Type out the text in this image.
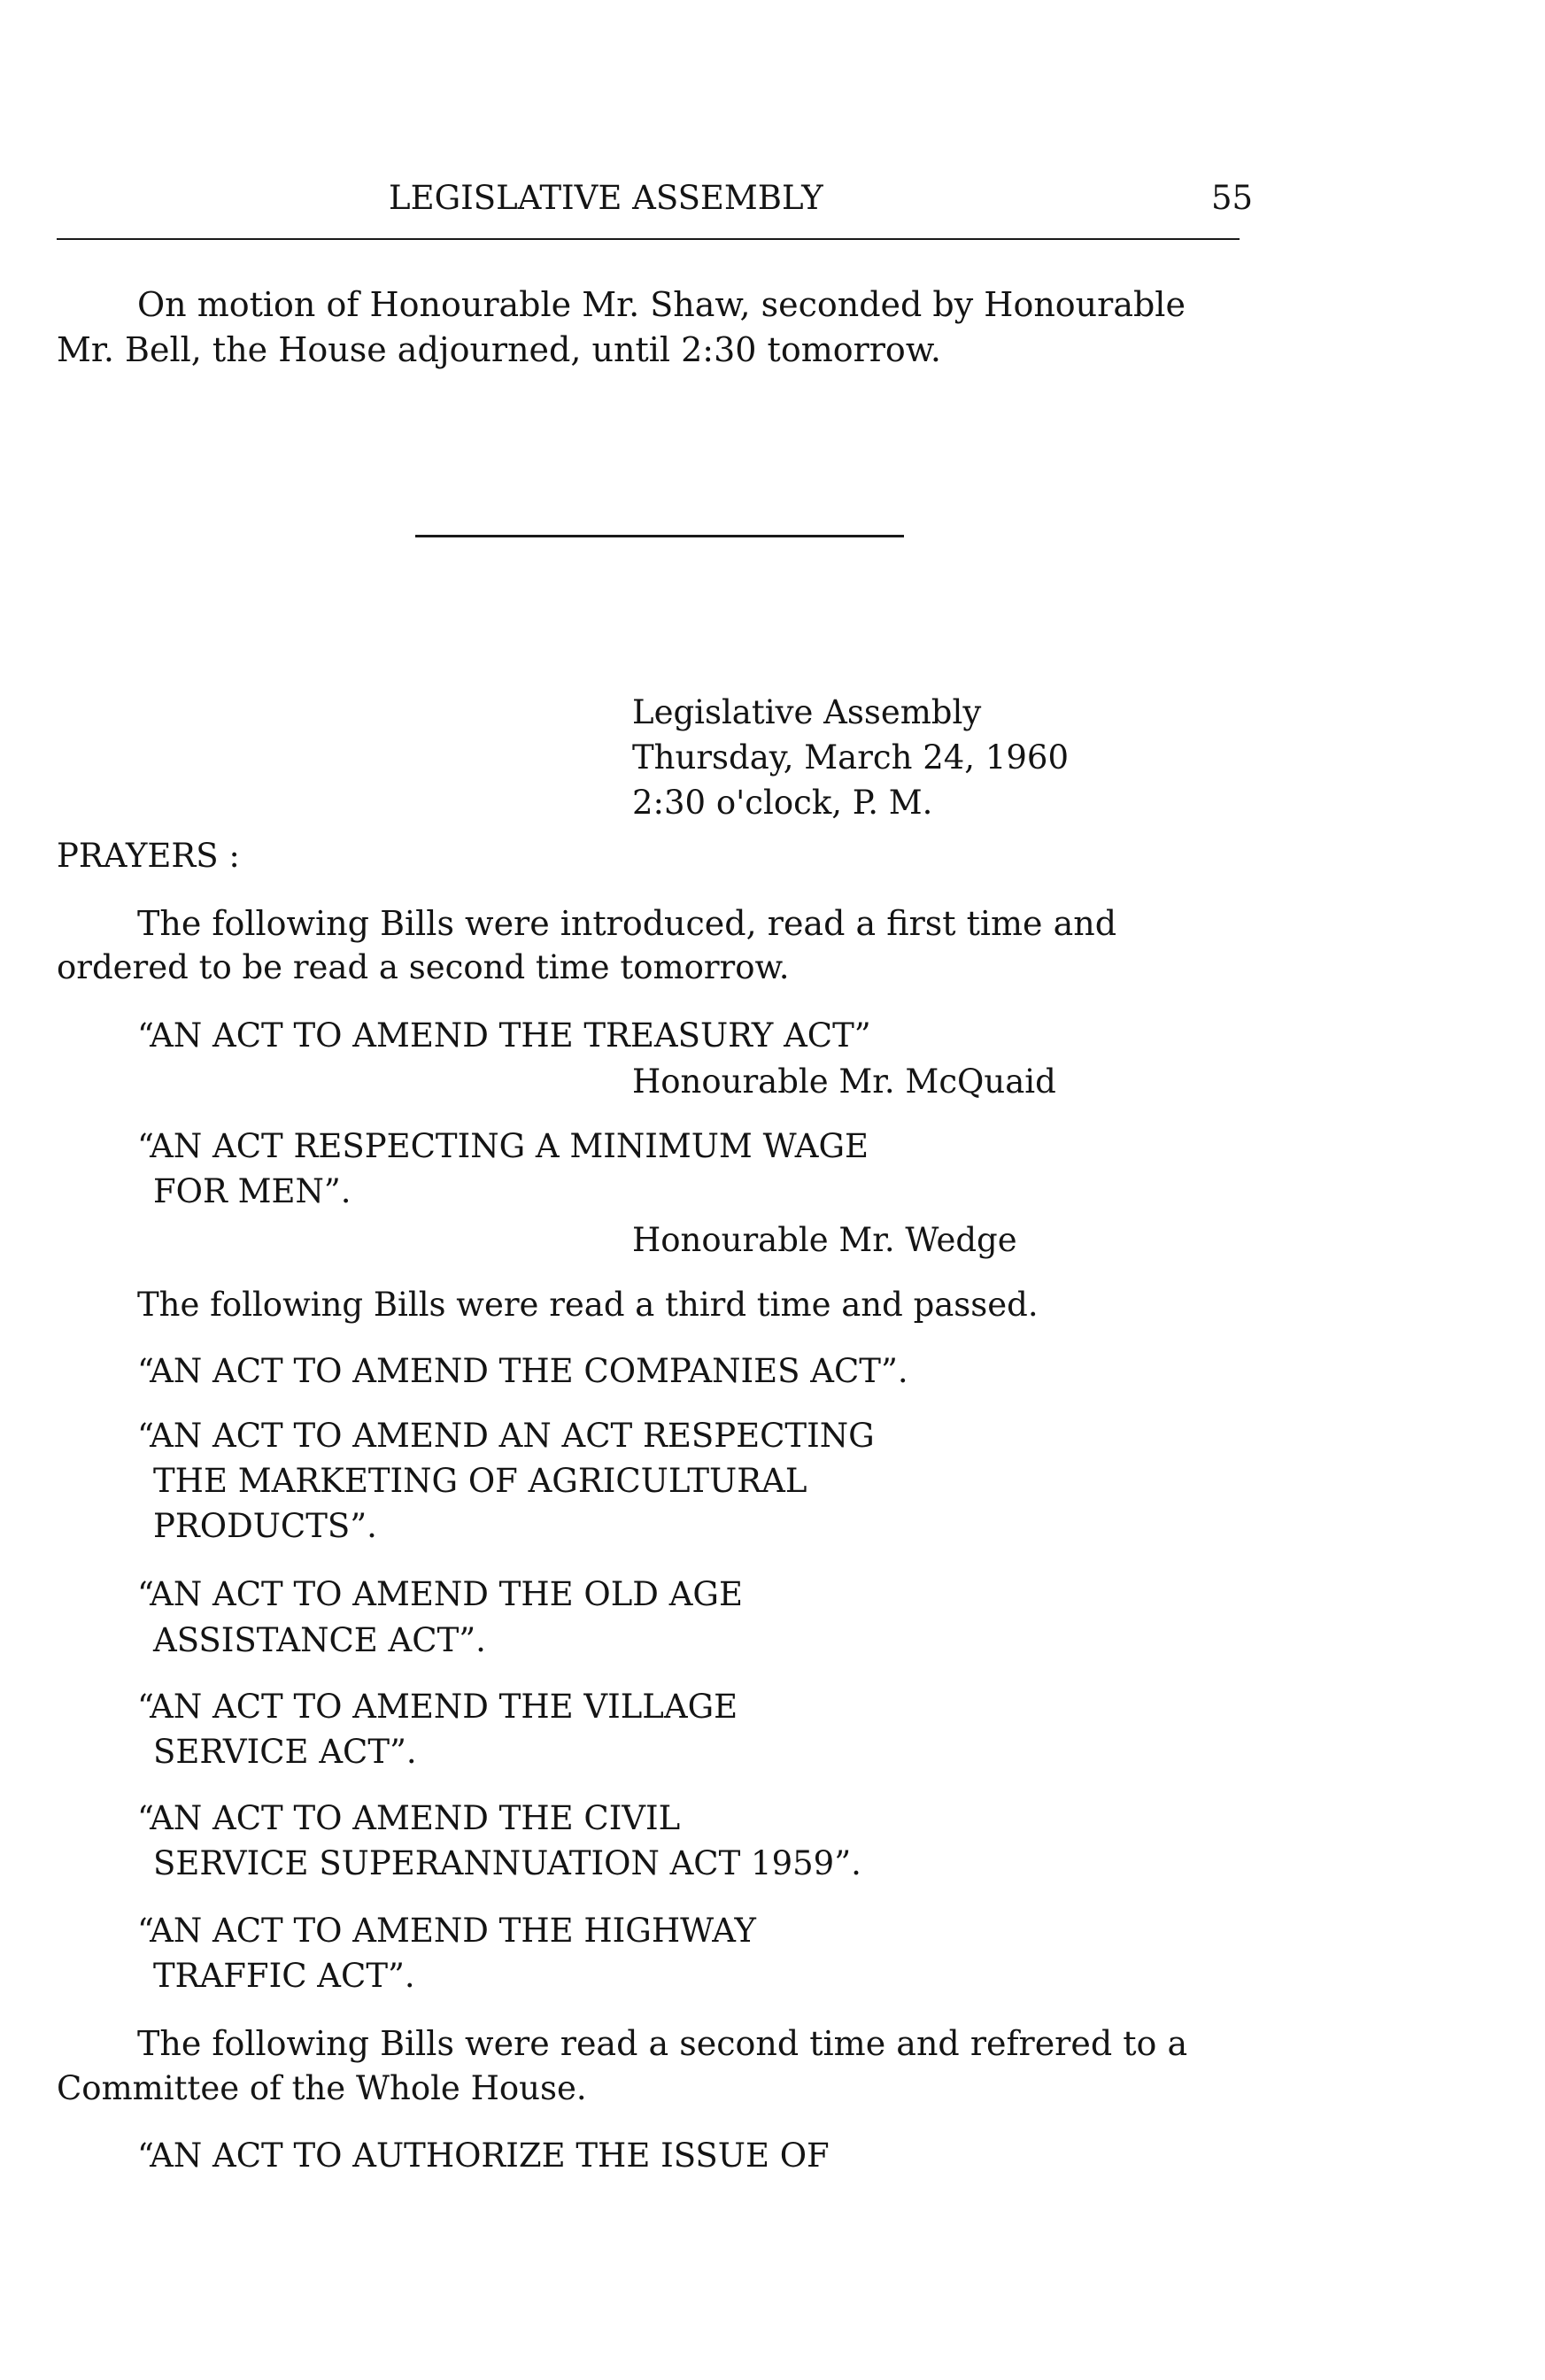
LEGISLATIVE ASSEMBLY	55
On motion of Honourable Mr. Shaw, seconded by Honourable
Mr. Bell, the House adjourned, until 2:30 tomorrow.
Legislative Assembly
Thursday, March 24, 1960
2:30 o'clock, P. M.
PRAYERS :
The following Bills were introduced, read a first time and
ordered to be read a second time tomorrow.
“AN ACT TO AMEND THE TREASURY ACT”
Honourable Mr. McQuaid
“AN ACT RESPECTING A MINIMUM WAGE
FOR MEN”.
Honourable Mr. Wedge
The following Bills were read a third time and passed.
“AN ACT TO AMEND THE COMPANIES ACT”.
“AN ACT TO AMEND AN ACT RESPECTING
THE MARKETING OF AGRICULTURAL
PRODUCTS”.
“AN ACT TO AMEND THE OLD AGE
ASSISTANCE ACT”.
“AN ACT TO AMEND THE VILLAGE
SERVICE ACT”.
“AN ACT TO AMEND THE CIVIL
SERVICE SUPERANNUATION ACT 1959”.
“AN ACT TO AMEND THE HIGHWAY
TRAFFIC ACT”.
The following Bills were read a second time and refrered to a
Committee of the Whole House.
“AN ACT TO AUTHORIZE THE ISSUE OF
